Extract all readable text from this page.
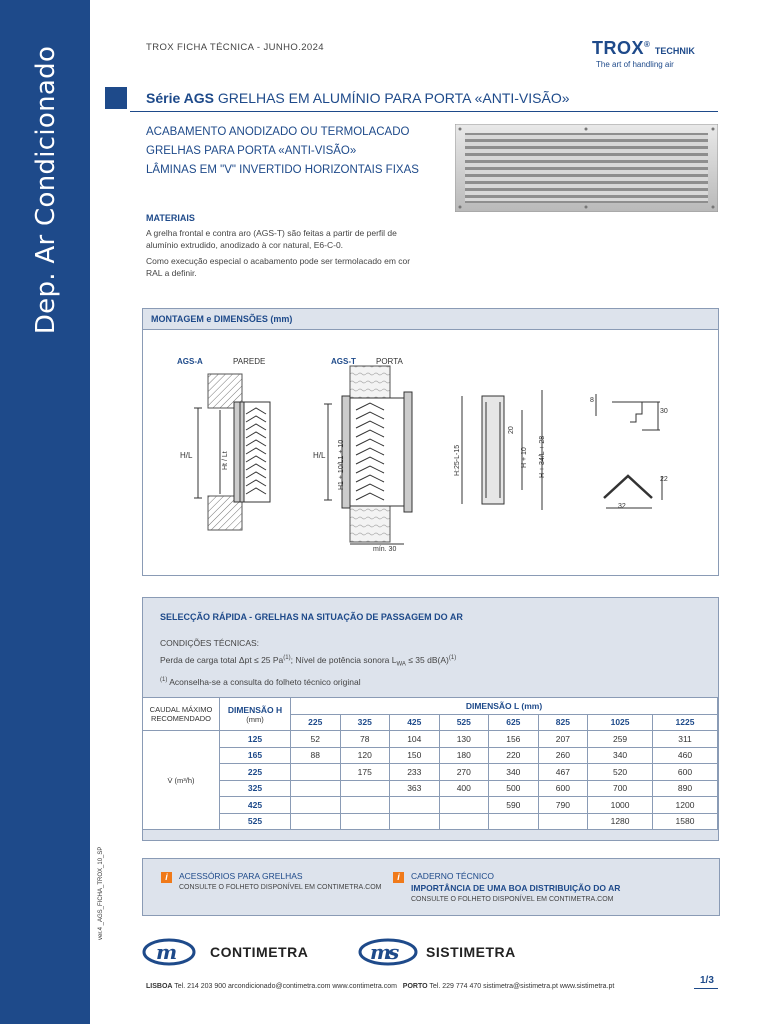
Dep. Ar Condicionado
ver.4 _AGS_FICHA_TROX_10_SP
TROX FICHA TÉCNICA - JUNHO.2024	TROX® TECHNIK
The art of handling air
Série AGS GRELHAS EM ALUMÍNIO PARA PORTA «ANTI-VISÃO»
ACABAMENTO ANODIZADO OU TERMOLACADO
GRELHAS PARA PORTA «ANTI-VISÃO»
LÂMINAS EM "V" INVERTIDO HORIZONTAIS FIXAS
MATERIAIS

A grelha frontal e contra aro (AGS-T) são feitas a partir de perfil de alumínio extrudido, anodizado à cor natural, E6-C-0.

Como execução especial o acabamento pode ser termolacado em cor RAL a definir.

MONTAGEM e DIMENSÕES (mm)
AGS-A	PAREDE	AGS-T	PORTA
H/L	Ht / Lt	H/L H1 + 10/L1 + 10
mín. 30
H:25-L-15	H + 10 H + 34/L + 28
20
8
30
22
32
SELECÇÃO RÁPIDA - GRELHAS NA SITUAÇÃO DE PASSAGEM DO AR
CONDIÇÕES TÉCNICAS:
Perda de carga total Δpt ≤ 25 Pa$^{(1)}$; Nível de potência sonora $L_{WA} \le 35$ $dB(A)^{(1)}$
$^{(1)}$ Aconselha-se a consulta do folheto técnico original
CAUDAL MÁXIMO RECOMENDADO	DIMENSÃO H
(mm)	DIMENSÃO L (mm)							
		225	325	425	525	625	825	1025	1225
V̇ (m³/h)	125	52	78	104	130	156	207	259	311
	165	88	120	150	180	220	260	340	460
	225		175	233	270	340	467	520	600
	325			363	400	500	600	700	890
	425					590	790	1000	1200
	525							1280	1580
i	ACESSÓRIOS PARA GRELHAS
CONSULTE O FOLHETO DISPONÍVEL EM CONTIMETRA.COM
i	CADERNO TÉCNICO
IMPORTÂNCIA DE UMA BOA DISTRIBUIÇÃO DO AR
CONSULTE O FOLHETO DISPONÍVEL EM CONTIMETRA.COM
m CONTIMETRA	m
s SISTIMETRA
LISBOA Tel. 214 203 900 arcondicionado@contimetra.com www.contimetra.com PORTO Tel. 229 774 470 sistimetra@sistimetra.pt www.sistimetra.pt
1/3
